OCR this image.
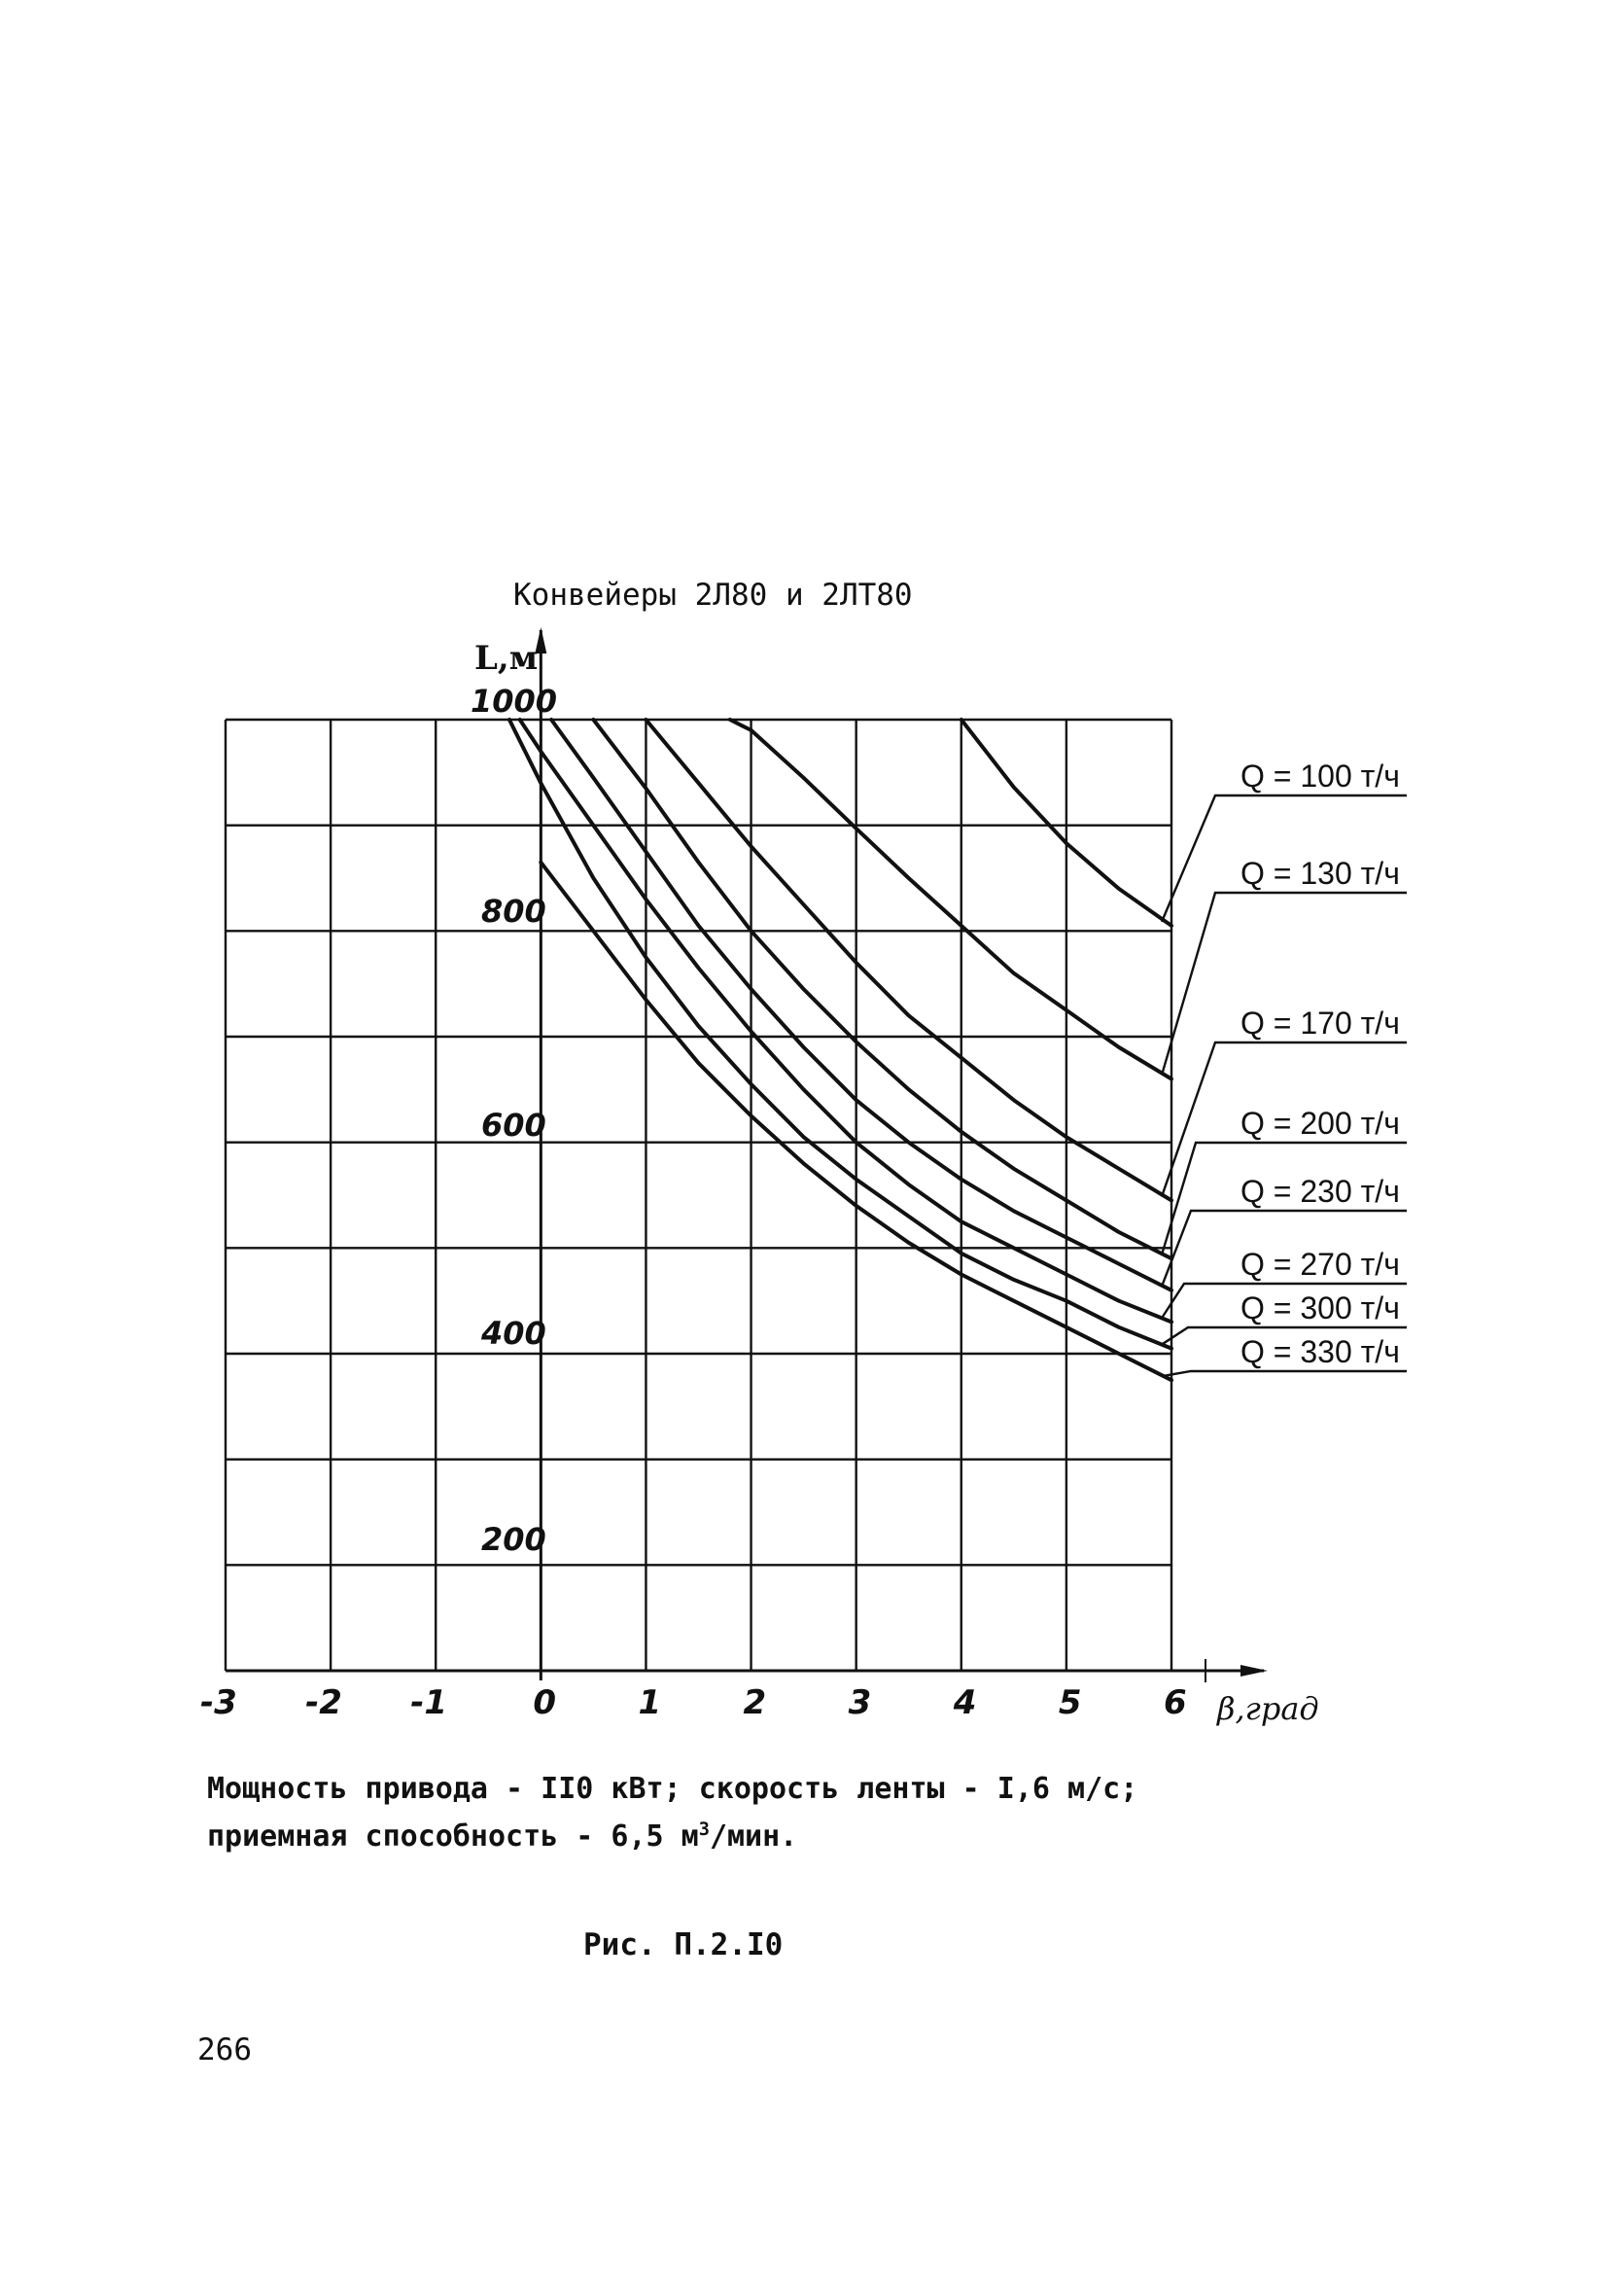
Конвейеры 2Л80 и 2ЛТ80
Q = 100 т/ч
Q = 130 т/ч
Q = 170 т/ч
Q = 200 т/ч
Q = 230 т/ч
Q = 270 т/ч
Q = 300 т/ч
Q = 330 т/ч
200
400
600
800
1000
-3 -2 -1	0 1 2 3 4 5 6
L,м
β,град
Мощность привода - II0 кВт; скорость ленты - I,6 м/с;
приемная способность - 6,5 $м^3$/мин.
Рис. П.2.I0
266
